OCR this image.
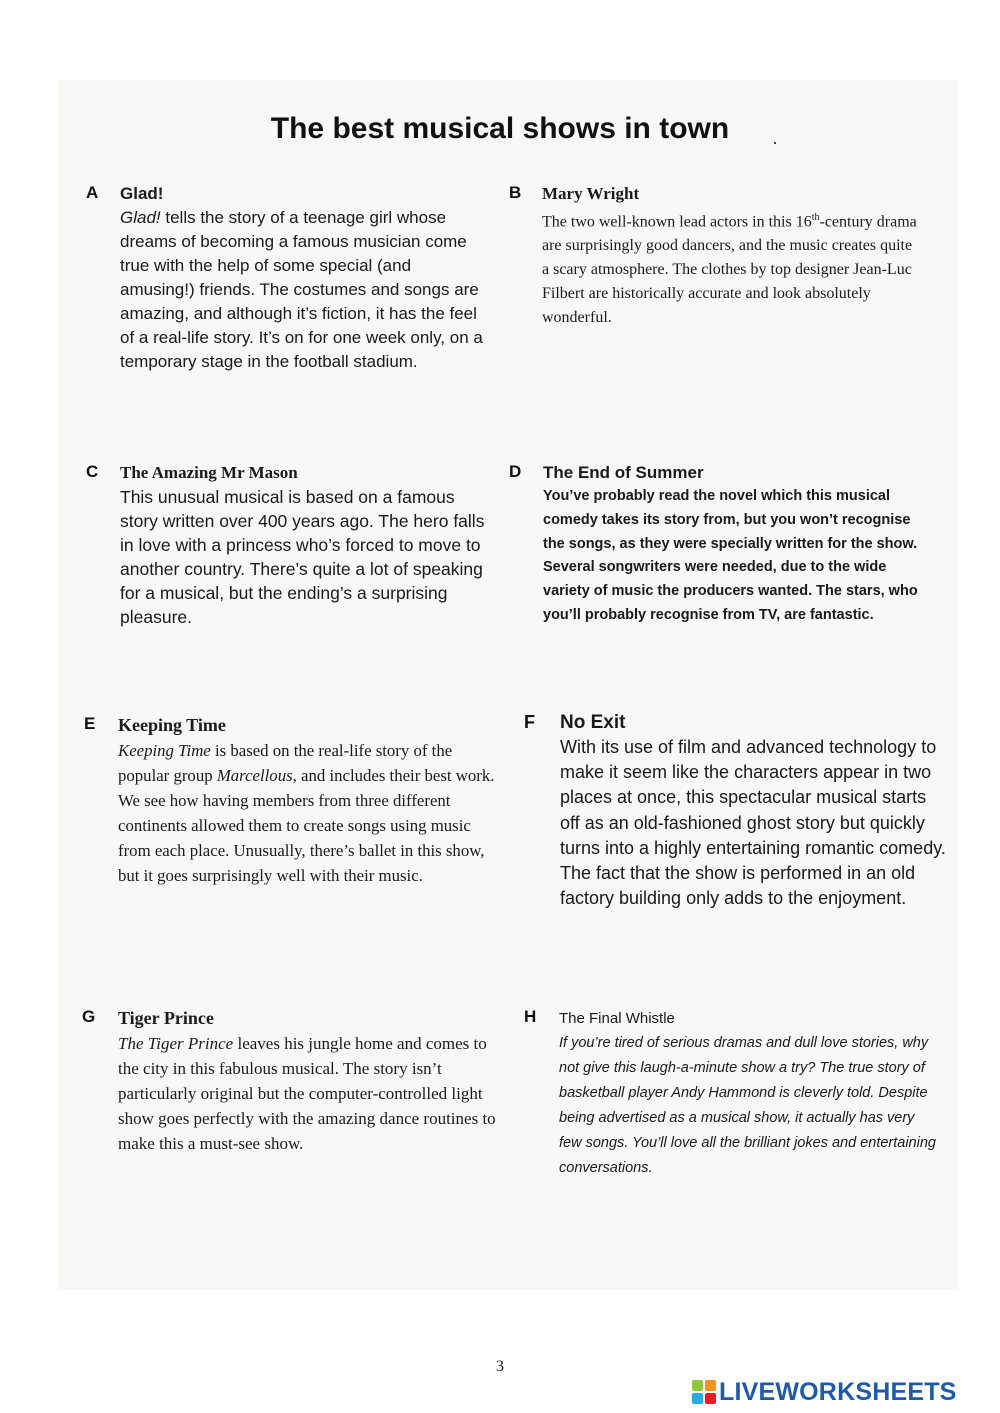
The best musical shows in town
A Glad!
Glad! tells the story of a teenage girl whose dreams of becoming a famous musician come true with the help of some special (and amusing!) friends. The costumes and songs are amazing, and although it’s fiction, it has the feel of a real-life story. It’s on for one week only, on a temporary stage in the football stadium.
B Mary Wright
The two well-known lead actors in this 16th-century drama are surprisingly good dancers, and the music creates quite a scary atmosphere. The clothes by top designer Jean-Luc Filbert are historically accurate and look absolutely wonderful.
C The Amazing Mr Mason
This unusual musical is based on a famous story written over 400 years ago. The hero falls in love with a princess who’s forced to move to another country. There’s quite a lot of speaking for a musical, but the ending’s a surprising pleasure.
D The End of Summer
You’ve probably read the novel which this musical comedy takes its story from, but you won’t recognise the songs, as they were specially written for the show. Several songwriters were needed, due to the wide variety of music the producers wanted. The stars, who you’ll probably recognise from TV, are fantastic.
E Keeping Time
Keeping Time is based on the real-life story of the popular group Marcellous, and includes their best work. We see how having members from three different continents allowed them to create songs using music from each place. Unusually, there’s ballet in this show, but it goes surprisingly well with their music.
F No Exit
With its use of film and advanced technology to make it seem like the characters appear in two places at once, this spectacular musical starts off as an old-fashioned ghost story but quickly turns into a highly entertaining romantic comedy. The fact that the show is performed in an old factory building only adds to the enjoyment.
G Tiger Prince
The Tiger Prince leaves his jungle home and comes to the city in this fabulous musical. The story isn’t particularly original but the computer-controlled light show goes perfectly with the amazing dance routines to make this a must-see show.
H The Final Whistle
If you’re tired of serious dramas and dull love stories, why not give this laugh-a-minute show a try? The true story of basketball player Andy Hammond is cleverly told. Despite being advertised as a musical show, it actually has very few songs. You’ll love all the brilliant jokes and entertaining conversations.
3
LIVEWORKSHEETS
